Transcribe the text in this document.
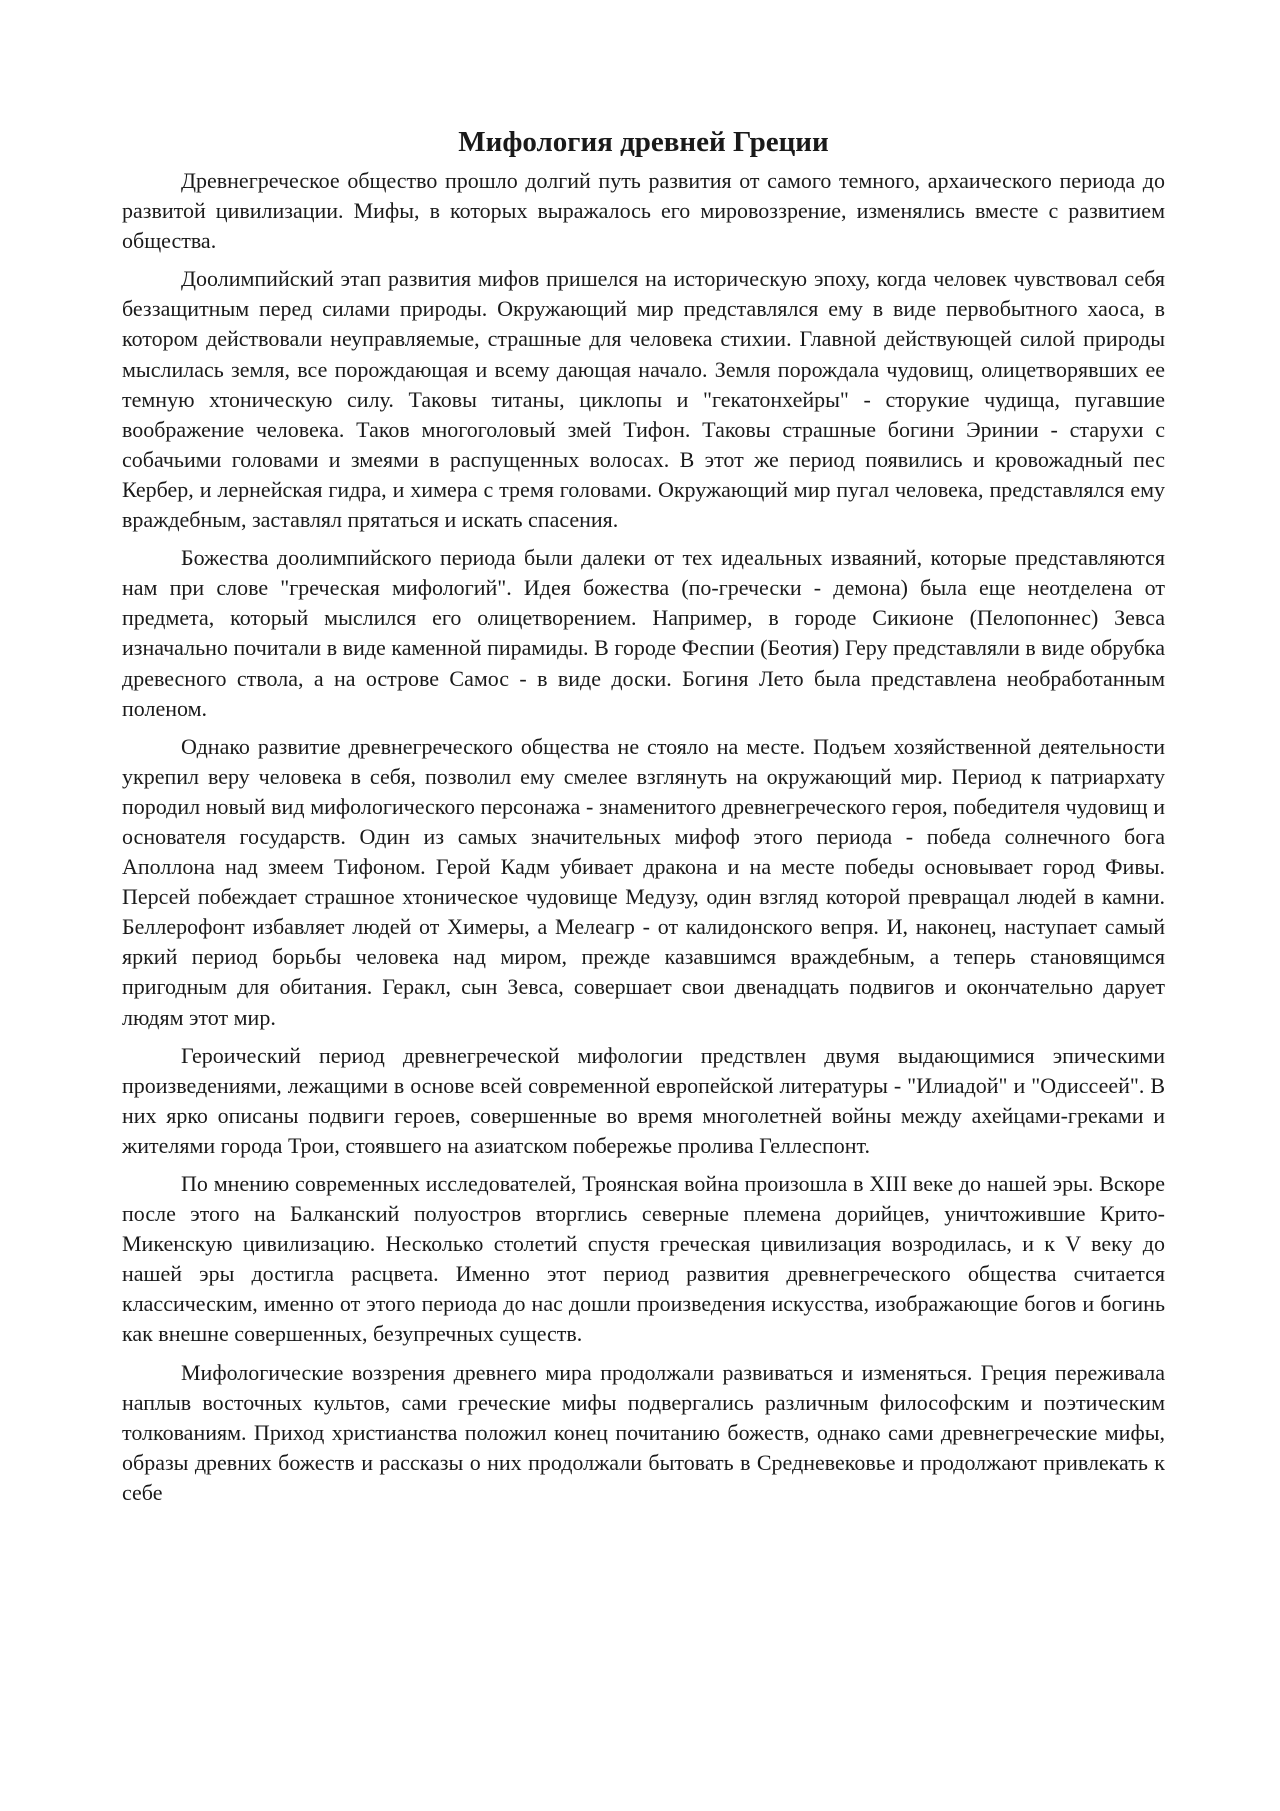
Мифология древней Греции

Древнегреческое общество прошло долгий путь развития от самого темного, архаического периода до развитой цивилизации. Мифы, в которых выражалось его мировоззрение, изменялись вместе с развитием общества.

Доолимпийский этап развития мифов пришелся на историческую эпоху, когда человек чувствовал себя беззащитным перед силами природы. Окружающий мир представлялся ему в виде первобытного хаоса, в котором действовали неуправляемые, страшные для человека стихии. Главной действующей силой природы мыслилась земля, все порождающая и всему дающая начало. Земля порождала чудовищ, олицетворявших ее темную хтоническую силу. Таковы титаны, циклопы и "гекатонхейры" - сторукие чудища, пугавшие воображение человека. Таков многоголовый змей Тифон. Таковы страшные богини Эринии - старухи с собачьими головами и змеями в распущенных волосах. В этот же период появились и кровожадный пес Кербер, и лернейская гидра, и химера с тремя головами. Окружающий мир пугал человека, представлялся ему враждебным, заставлял прятаться и искать спасения.

Божества доолимпийского периода были далеки от тех идеальных изваяний, которые представляются нам при слове "греческая мифологий". Идея божества (по-гречески - демона) была еще неотделена от предмета, который мыслился его олицетворением. Например, в городе Сикионе (Пелопоннес) Зевса изначально почитали в виде каменной пирамиды. В городе Феспии (Беотия) Геру представляли в виде обрубка древесного ствола, а на острове Самос - в виде доски. Богиня Лето была представлена необработанным поленом.

Однако развитие древнегреческого общества не стояло на месте. Подъем хозяйственной деятельности укрепил веру человека в себя, позволил ему смелее взглянуть на окружающий мир. Период к патриархату породил новый вид мифологического персонажа - знаменитого древнегреческого героя, победителя чудовищ и основателя государств. Один из самых значительных мифоф этого периода - победа солнечного бога Аполлона над змеем Тифоном. Герой Кадм убивает дракона и на месте победы основывает город Фивы. Персей побеждает страшное хтоническое чудовище Медузу, один взгляд которой превращал людей в камни. Беллерофонт избавляет людей от Химеры, а Мелеагр - от калидонского вепря. И, наконец, наступает самый яркий период борьбы человека над миром, прежде казавшимся враждебным, а теперь становящимся пригодным для обитания. Геракл, сын Зевса, совершает свои двенадцать подвигов и окончательно дарует людям этот мир.

Героический период древнегреческой мифологии предствлен двумя выдающимися эпическими произведениями, лежащими в основе всей современной европейской литературы - "Илиадой" и "Одиссеей". В них ярко описаны подвиги героев, совершенные во время многолетней войны между ахейцами-греками и жителями города Трои, стоявшего на азиатском побережье пролива Геллеспонт.

По мнению современных исследователей, Троянская война произошла в XIII веке до нашей эры. Вскоре после этого на Балканский полуостров вторглись северные племена дорийцев, уничтожившие Крито-Микенскую цивилизацию. Несколько столетий спустя греческая цивилизация возродилась, и к V веку до нашей эры достигла расцвета. Именно этот период развития древнегреческого общества считается классическим, именно от этого периода до нас дошли произведения искусства, изображающие богов и богинь как внешне совершенных, безупречных существ.

Мифологические воззрения древнего мира продолжали развиваться и изменяться. Греция переживала наплыв восточных культов, сами греческие мифы подвергались различным философским и поэтическим толкованиям. Приход христианства положил конец почитанию божеств, однако сами древнегреческие мифы, образы древних божеств и рассказы о них продолжали бытовать в Средневековье и продолжают привлекать к себе
